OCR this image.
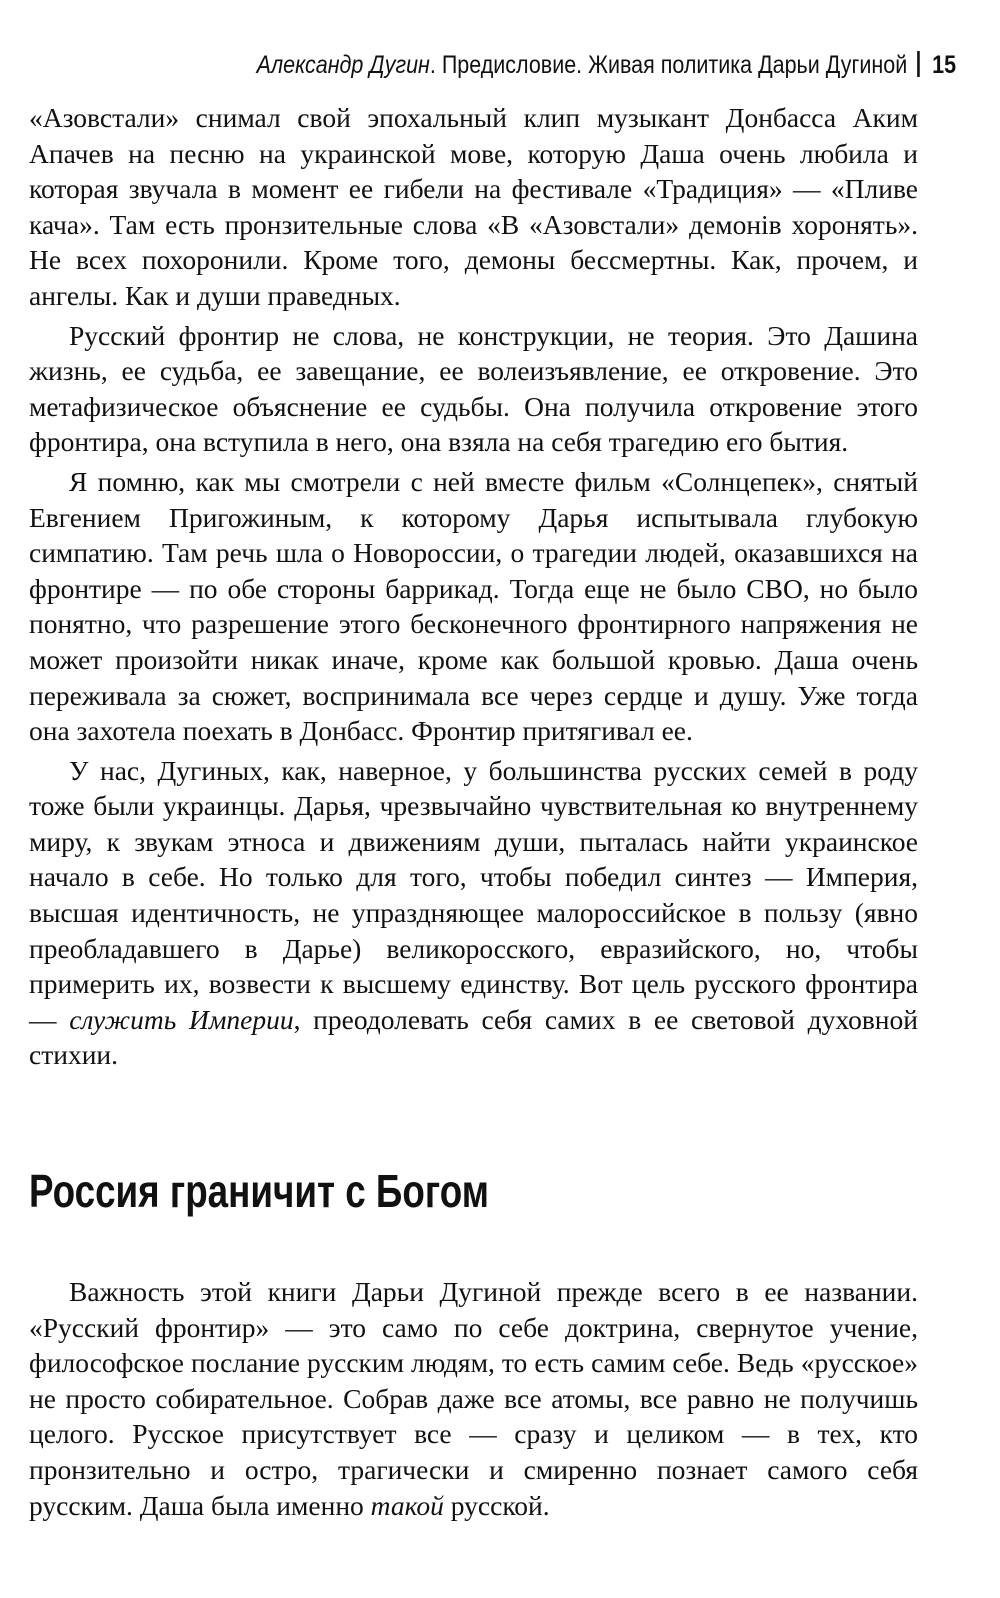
Александр Дугин. Предисловие. Живая политика Дарьи Дугиной 15

«Азовстали» снимал свой эпохальный клип музыкант Донбасса Аким Апачев на песню на украинской мове, которую Даша очень любила и которая звучала в момент ее гибели на фестивале «Традиция» — «Пливе кача». Там есть пронзительные слова «В «Азовстали» демонів хоронять». Не всех похоронили. Кроме того, демоны бессмертны. Как, прочем, и ангелы. Как и души праведных.

Русский фронтир не слова, не конструкции, не теория. Это Дашина жизнь, ее судьба, ее завещание, ее волеизъявление, ее откровение. Это метафизическое объяснение ее судьбы. Она получила откровение этого фронтира, она вступила в него, она взяла на себя трагедию его бытия.

Я помню, как мы смотрели с ней вместе фильм «Солнцепек», снятый Евгением Пригожиным, к которому Дарья испытывала глубокую симпатию. Там речь шла о Новороссии, о трагедии людей, оказавшихся на фронтире — по обе стороны баррикад. Тогда еще не было СВО, но было понятно, что разрешение этого бесконечного фронтирного напряжения не может произойти никак иначе, кроме как большой кровью. Даша очень переживала за сюжет, воспринимала все через сердце и душу. Уже тогда она захотела поехать в Донбасс. Фронтир притягивал ее.

У нас, Дугиных, как, наверное, у большинства русских семей в роду тоже были украинцы. Дарья, чрезвычайно чувствительная ко внутреннему миру, к звукам этноса и движениям души, пыталась найти украинское начало в себе. Но только для того, чтобы победил синтез — Империя, высшая идентичность, не упраздняющее малороссийское в пользу (явно преобладавшего в Дарье) великоросского, евразийского, но, чтобы примерить их, возвести к высшему единству. Вот цель русского фронтира — служить Империи, преодолевать себя самих в ее световой духовной стихии.

Россия граничит с Богом

Важность этой книги Дарьи Дугиной прежде всего в ее названии. «Русский фронтир» — это само по себе доктрина, свернутое учение, философское послание русским людям, то есть самим себе. Ведь «русское» не просто собирательное. Собрав даже все атомы, все равно не получишь целого. Русское присутствует все — сразу и целиком — в тех, кто пронзительно и остро, трагически и смиренно познает самого себя русским. Даша была именно такой русской.
